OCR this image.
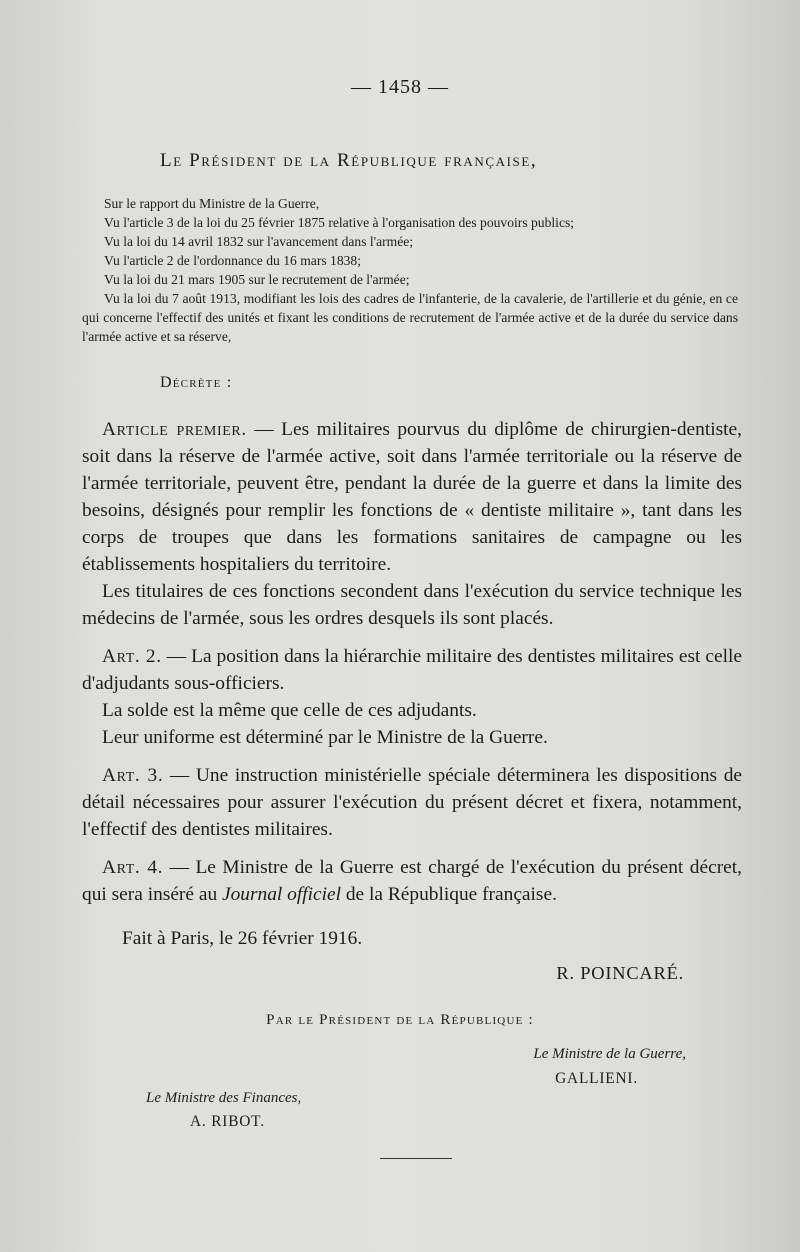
— 1458 —
Le Président de la République française,

Sur le rapport du Ministre de la Guerre,

Vu l'article 3 de la loi du 25 février 1875 relative à l'organisation des pouvoirs publics;

Vu la loi du 14 avril 1832 sur l'avancement dans l'armée;

Vu l'article 2 de l'ordonnance du 16 mars 1838;

Vu la loi du 21 mars 1905 sur le recrutement de l'armée;

Vu la loi du 7 août 1913, modifiant les lois des cadres de l'infanterie, de la cavalerie, de l'artillerie et du génie, en ce qui concerne l'effectif des unités et fixant les conditions de recrutement de l'armée active et de la durée du service dans l'armée active et sa réserve,

Décrète :

Article premier. — Les militaires pourvus du diplôme de chirurgien-dentiste, soit dans la réserve de l'armée active, soit dans l'armée territoriale ou la réserve de l'armée territoriale, peuvent être, pendant la durée de la guerre et dans la limite des besoins, désignés pour remplir les fonctions de « dentiste militaire », tant dans les corps de troupes que dans les formations sanitaires de campagne ou les établissements hospitaliers du territoire.

Les titulaires de ces fonctions secondent dans l'exécution du service technique les médecins de l'armée, sous les ordres desquels ils sont placés.

Art. 2. — La position dans la hiérarchie militaire des dentistes militaires est celle d'adjudants sous-officiers.

La solde est la même que celle de ces adjudants.

Leur uniforme est déterminé par le Ministre de la Guerre.

Art. 3. — Une instruction ministérielle spéciale déterminera les dispositions de détail nécessaires pour assurer l'exécution du présent décret et fixera, notamment, l'effectif des dentistes militaires.

Art. 4. — Le Ministre de la Guerre est chargé de l'exécution du présent décret, qui sera inséré au Journal officiel de la République française.

Fait à Paris, le 26 février 1916.
R. POINCARÉ.
Par le Président de la République :
Le Ministre de la Guerre,
GALLIENI.
Le Ministre des Finances,
A. RIBOT.
